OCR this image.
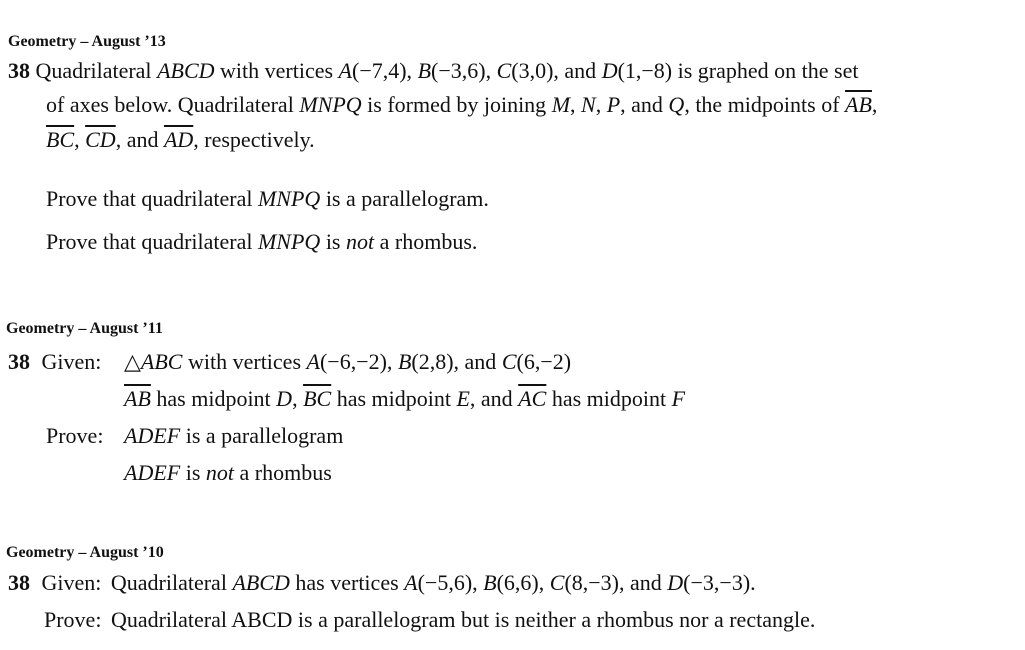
Geometry – August ’13
38 Quadrilateral ABCD with vertices A(−7,4), B(−3,6), C(3,0), and D(1,−8) is graphed on the set
of axes below. Quadrilateral MNPQ is formed by joining M, N, P, and Q, the midpoints of $\overline{AB}$,
$\overline{BC}$, $\overline{CD}$, and $\overline{AD}$, respectively.
Prove that quadrilateral MNPQ is a parallelogram.
Prove that quadrilateral MNPQ is not a rhombus.
Geometry – August ’11
38 Given: △ABC with vertices A(−6,−2), B(2,8), and C(6,−2)
$\overline{AB}$ has midpoint D, $\overline{BC}$ has midpoint E, and $\overline{AC}$ has midpoint F
Prove: ADEF is a parallelogram
ADEF is not a rhombus
Geometry – August ’10
38 Given: Quadrilateral ABCD has vertices A(−5,6), B(6,6), C(8,−3), and D(−3,−3).
Prove: Quadrilateral ABCD is a parallelogram but is neither a rhombus nor a rectangle.
